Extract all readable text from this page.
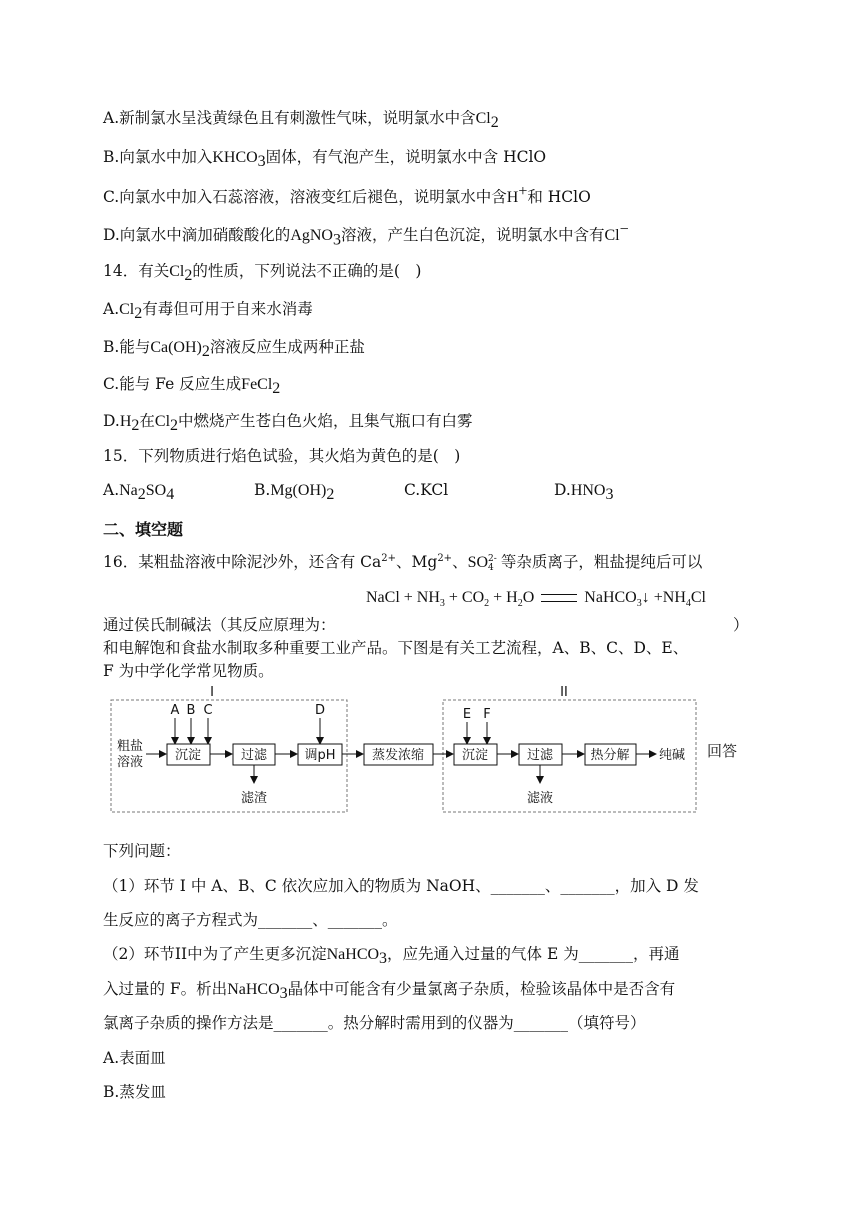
A.新制氯水呈浅黄绿色且有刺激性气味，说明氯水中含$Cl_2$
B.向氯水中加入$KHCO_3$固体，有气泡产生，说明氯水中含 HClO
C.向氯水中加入石蕊溶液，溶液变红后褪色，说明氯水中含H+和 HClO
D.向氯水中滴加硝酸酸化的AgNO$_3$溶液，产生白色沉淀，说明氯水中含有Cl−
14．有关$Cl_2$的性质，下列说法不正确的是(　)
$A.Cl_2$有毒但可用于自来水消毒
B.能与$Ca(OH)_2$溶液反应生成两种正盐
C.能与 Fe 反应生成FeCl$_2$
$D.H_2$在$Cl_2$中燃烧产生苍白色火焰，且集气瓶口有白雾
15．下列物质进行焰色试验，其火焰为黄色的是(　)
$A.Na_2SO_4$	$B.Mg(OH)_2$	C.KCl	$D.HNO_3$
二、填空题
16．某粗盐溶液中除泥沙外，还含有 $Ca^{2+}$、$Mg^{2+}$、SO 2-
4 等杂质离子，粗盐提纯后可以
NaCl + $NH_3 + CO_2 + H_2O$	NaHCO$_3$↓ $+NH_4Cl$
通过侯氏制碱法（其反应原理为：	）
和电解饱和食盐水制取多种重要工业产品。下图是有关工艺流程，A、B、C、D、E、
F 为中学化学常见物质。
I	II
粗盐
溶液
A B C
沉淀	过滤
滤渣
D
调pH	蒸发浓缩
E F
沉淀	过滤
滤液
热分解 纯碱 回答
下列问题：
（1）环节 I 中 A、B、C 依次应加入的物质为 NaOH、_______、_______，加入 D 发
生反应的离子方程式为_______、_______。
（2）环节II中为了产生更多沉淀NaHCO$_3$，应先通入过量的气体 E 为_______，再通
入过量的 F。析出NaHCO$_3$晶体中可能含有少量氯离子杂质，检验该晶体中是否含有
氯离子杂质的操作方法是_______。热分解时需用到的仪器为_______（填符号）
A.表面皿
B.蒸发皿
